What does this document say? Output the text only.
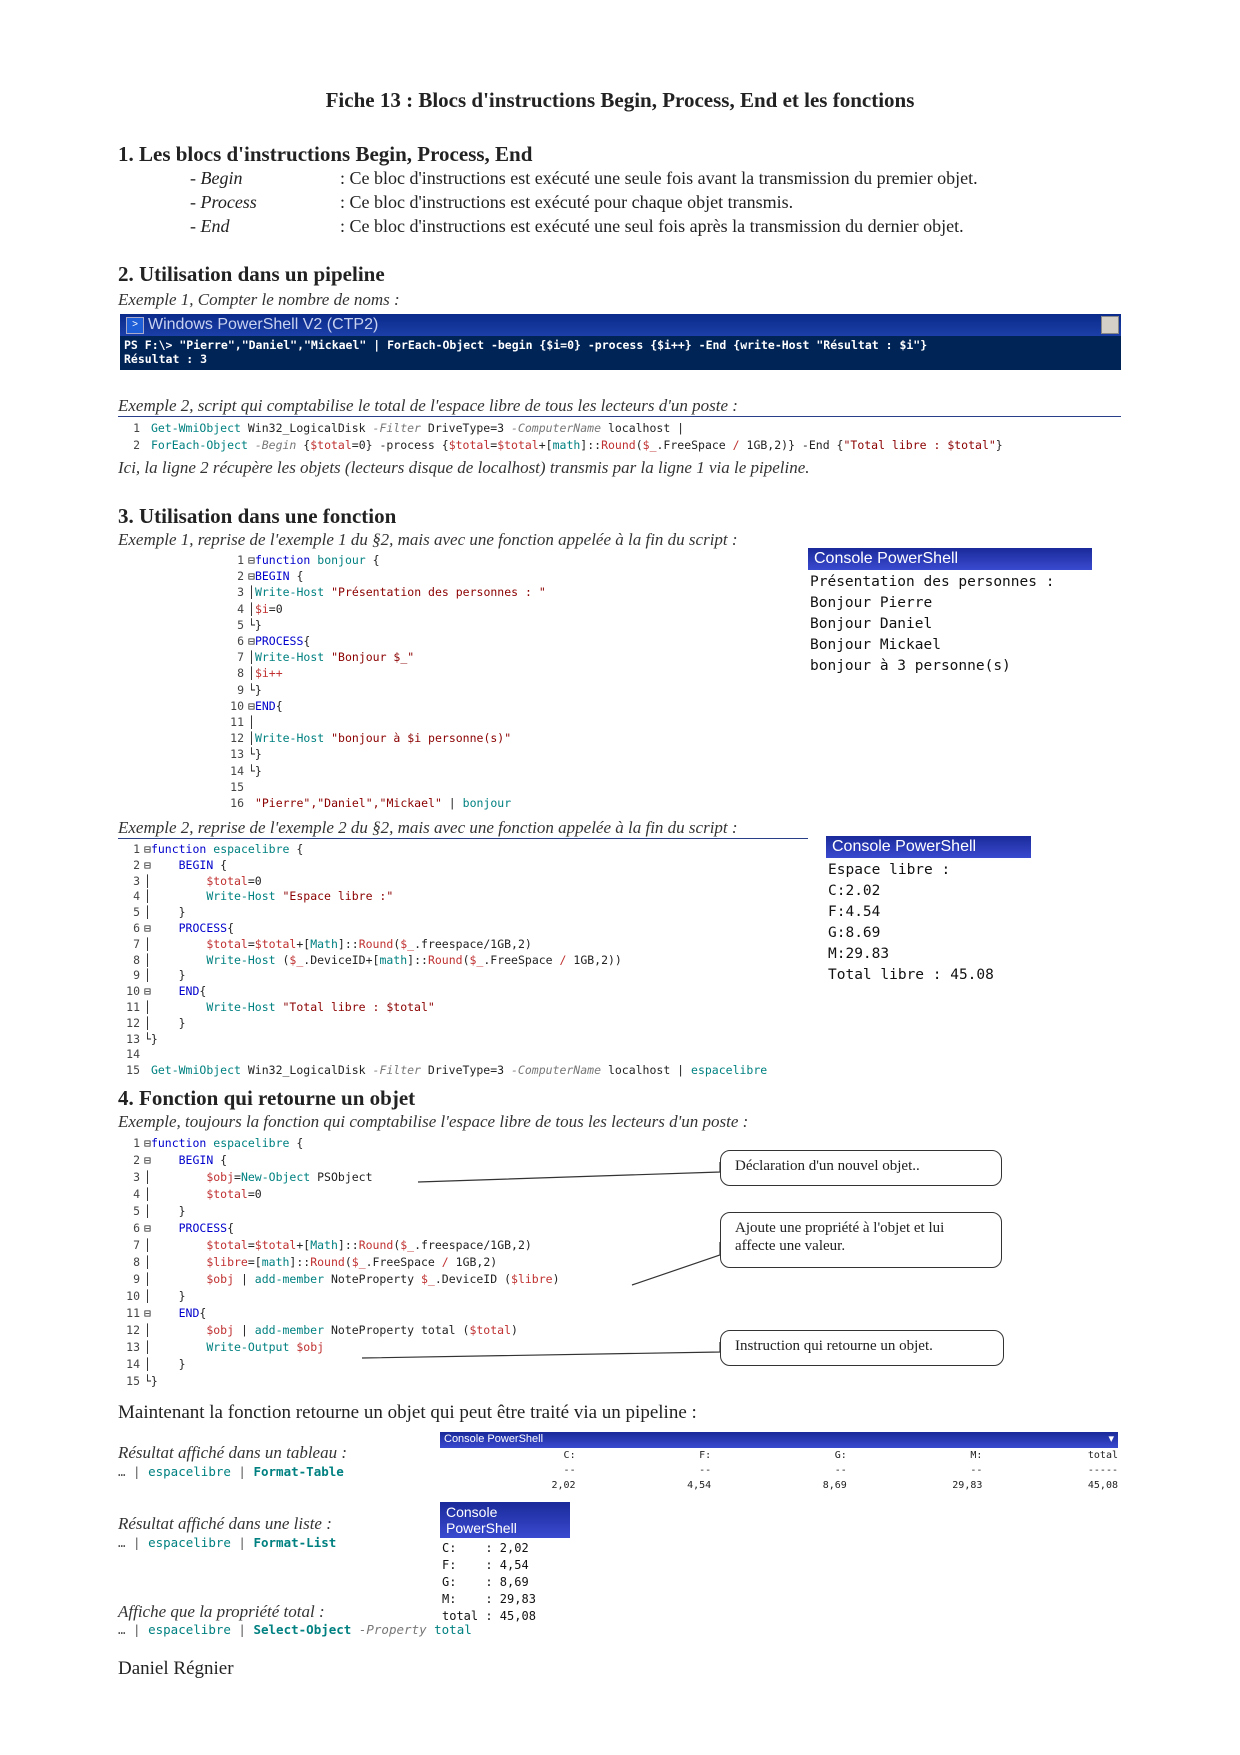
Fiche 13 : Blocs d'instructions Begin, Process, End et les fonctions
1. Les blocs d'instructions Begin, Process, End
- Begin	: Ce bloc d'instructions est exécuté une seule fois avant la transmission du premier objet.
- Process	: Ce bloc d'instructions est exécuté pour chaque objet transmis.
- End	: Ce bloc d'instructions est exécuté une seul fois après la transmission du dernier objet.
2. Utilisation dans un pipeline
Exemple 1, Compter le nombre de noms :
> Windows PowerShell V2 (CTP2)
PS F:\> "Pierre","Daniel","Mickael" | ForEach-Object -begin {$i=0} -process {$i++} -End {write-Host "Résultat : $i"}
Résultat : 3
Exemple 2, script qui comptabilise le total de l'espace libre de tous les lecteurs d'un poste :
1 Get-WmiObject Win32_LogicalDisk -Filter DriveType=3 -ComputerName localhost |
2 ForEach-Object -Begin {$total=0} -process {$total=$total+[math]::Round($_.FreeSpace / 1GB,2)} -End {"Total libre : $total"}
Ici, la ligne 2 récupère les objets (lecteurs disque de localhost) transmis par la ligne 1 via le pipeline.
3. Utilisation dans une fonction
Exemple 1, reprise de l'exemple 1 du §2, mais avec une fonction appelée à la fin du script :
1 ⊟function bonjour {
2 ⊟BEGIN {
3 │Write-Host "Présentation des personnes : "
4 │$i=0
5 └}
6 ⊟PROCESS{
7 │Write-Host "Bonjour $_"
8 │$i++
9 └}
10 ⊟END{
11 │
12 │Write-Host "bonjour à $i personne(s)"
13 └}
14 └}
15
16 "Pierre","Daniel","Mickael" | bonjour
Console PowerShell
Présentation des personnes :
Bonjour Pierre
Bonjour Daniel
Bonjour Mickael
bonjour à 3 personne(s)
Exemple 2, reprise de l'exemple 2 du §2, mais avec une fonction appelée à la fin du script :
1 ⊟function espacelibre {
2 ⊟    BEGIN {
3 │        $total=0
4 │        Write-Host "Espace libre :"
5 │    }
6 ⊟    PROCESS{
7 │        $total=$total+[Math]::Round($_.freespace/1GB,2)
8 │        Write-Host ($_.DeviceID+[math]::Round($_.FreeSpace / 1GB,2))
9 │    }
10 ⊟    END{
11 │        Write-Host "Total libre : $total"
12 │    }
13 └}
14
15 Get-WmiObject Win32_LogicalDisk -Filter DriveType=3 -ComputerName localhost | espacelibre
Console PowerShell
Espace libre :
C:2.02
F:4.54
G:8.69
M:29.83
Total libre : 45.08
4. Fonction qui retourne un objet
Exemple, toujours la fonction qui comptabilise l'espace libre de tous les lecteurs d'un poste :
1 ⊟function espacelibre {
2 ⊟    BEGIN {
3 │        $obj=New-Object PSObject
4 │        $total=0
5 │    }
6 ⊟    PROCESS{
7 │        $total=$total+[Math]::Round($_.freespace/1GB,2)
8 │        $libre=[math]::Round($_.FreeSpace / 1GB,2)
9 │        $obj | add-member NoteProperty $_.DeviceID ($libre)
10 │    }
11 ⊟    END{
12 │        $obj | add-member NoteProperty total ($total)
13 │        Write-Output $obj
14 │    }
15 └}
Déclaration d'un nouvel objet..
Ajoute une propriété à l'objet et lui affecte une valeur.
Instruction qui retourne un objet.
Maintenant la fonction retourne un objet qui peut être traité via un pipeline :
Résultat affiché dans un tableau :
… | espacelibre | Format-Table
Console PowerShell	▾
C:	F:	G:	M:	total
--	--	--	--	-----
2,02	4,54	8,69	29,83	45,08
Résultat affiché dans une liste :
… | espacelibre | Format-List
Console PowerShell
C:    : 2,02
F:    : 4,54
G:    : 8,69
M:    : 29,83
total : 45,08
Affiche que la propriété total :
… | espacelibre | Select-Object -Property total
Daniel Régnier
